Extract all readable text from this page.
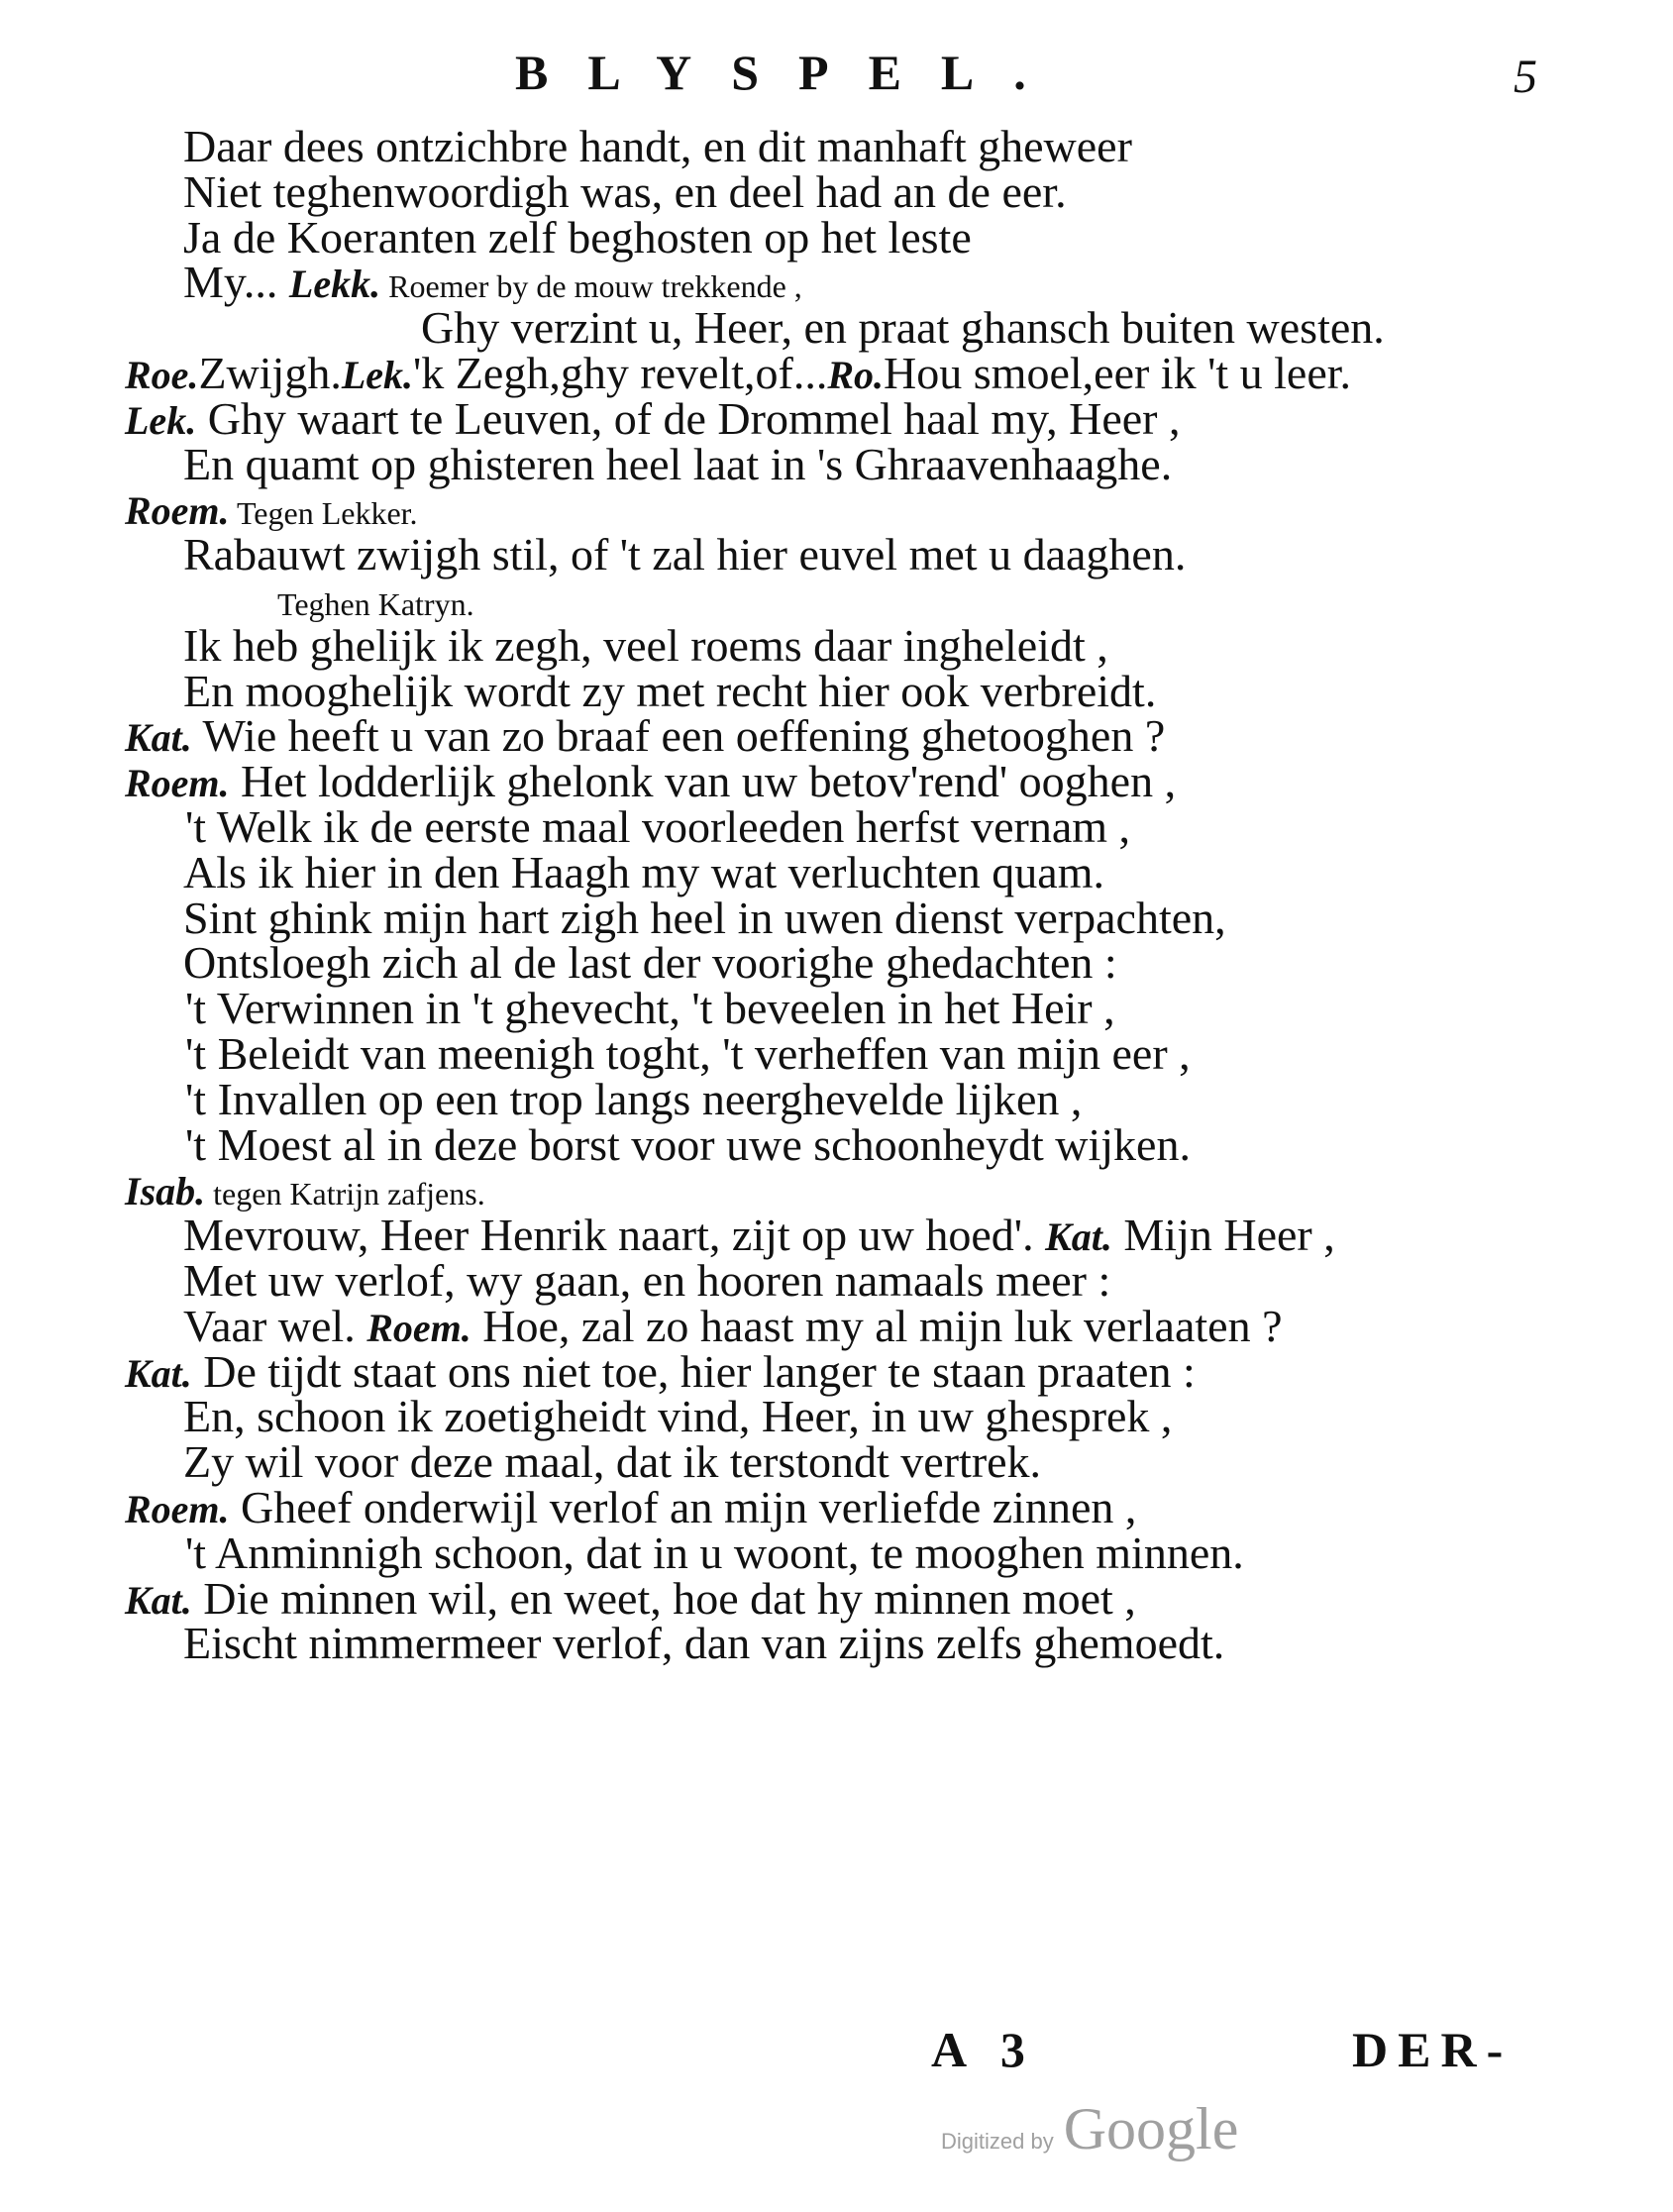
BLYSPEL.	5
Daar dees ontzichbre handt, en dit manhaft gheweer
Niet teghenwoordigh was, en deel had an de eer.
Ja de Koeranten zelf beghosten op het leste
My... Lekk. Roemer by de mouw trekkende ,
Ghy verzint u, Heer, en praat ghansch buiten westen.
Roe.Zwijgh.Lek.'k Zegh,ghy revelt,of...Ro.Hou smoel,eer ik 't u leer.
Lek. Ghy waart te Leuven, of de Drommel haal my, Heer ,
En quamt op ghisteren heel laat in 's Ghraavenhaaghe.
Roem. Tegen Lekker.
Rabauwt zwijgh stil, of 't zal hier euvel met u daaghen.
Teghen Katryn.
Ik heb ghelijk ik zegh, veel roems daar ingheleidt ,
En mooghelijk wordt zy met recht hier ook verbreidt.
Kat. Wie heeft u van zo braaf een oeffening ghetooghen ?
Roem. Het lodderlijk ghelonk van uw betov'rend' ooghen ,
't Welk ik de eerste maal voorleeden herfst vernam ,
Als ik hier in den Haagh my wat verluchten quam.
Sint ghink mijn hart zigh heel in uwen dienst verpachten,
Ontsloegh zich al de last der voorighe ghedachten :
't Verwinnen in 't ghevecht, 't beveelen in het Heir ,
't Beleidt van meenigh toght, 't verheffen van mijn eer ,
't Invallen op een trop langs neerghevelde lijken ,
't Moest al in deze borst voor uwe schoonheydt wijken.
Isab. tegen Katrijn zafjens.
Mevrouw, Heer Henrik naart, zijt op uw hoed'. Kat. Mijn Heer ,
Met uw verlof, wy gaan, en hooren namaals meer :
Vaar wel. Roem. Hoe, zal zo haast my al mijn luk verlaaten ?
Kat. De tijdt staat ons niet toe, hier langer te staan praaten :
En, schoon ik zoetigheidt vind, Heer, in uw ghesprek ,
Zy wil voor deze maal, dat ik terstondt vertrek.
Roem. Gheef onderwijl verlof an mijn verliefde zinnen ,
't Anminnigh schoon, dat in u woont, te mooghen minnen.
Kat. Die minnen wil, en weet, hoe dat hy minnen moet ,
Eischt nimmermeer verlof, dan van zijns zelfs ghemoedt.
A 3	DER-
Digitized by Google
